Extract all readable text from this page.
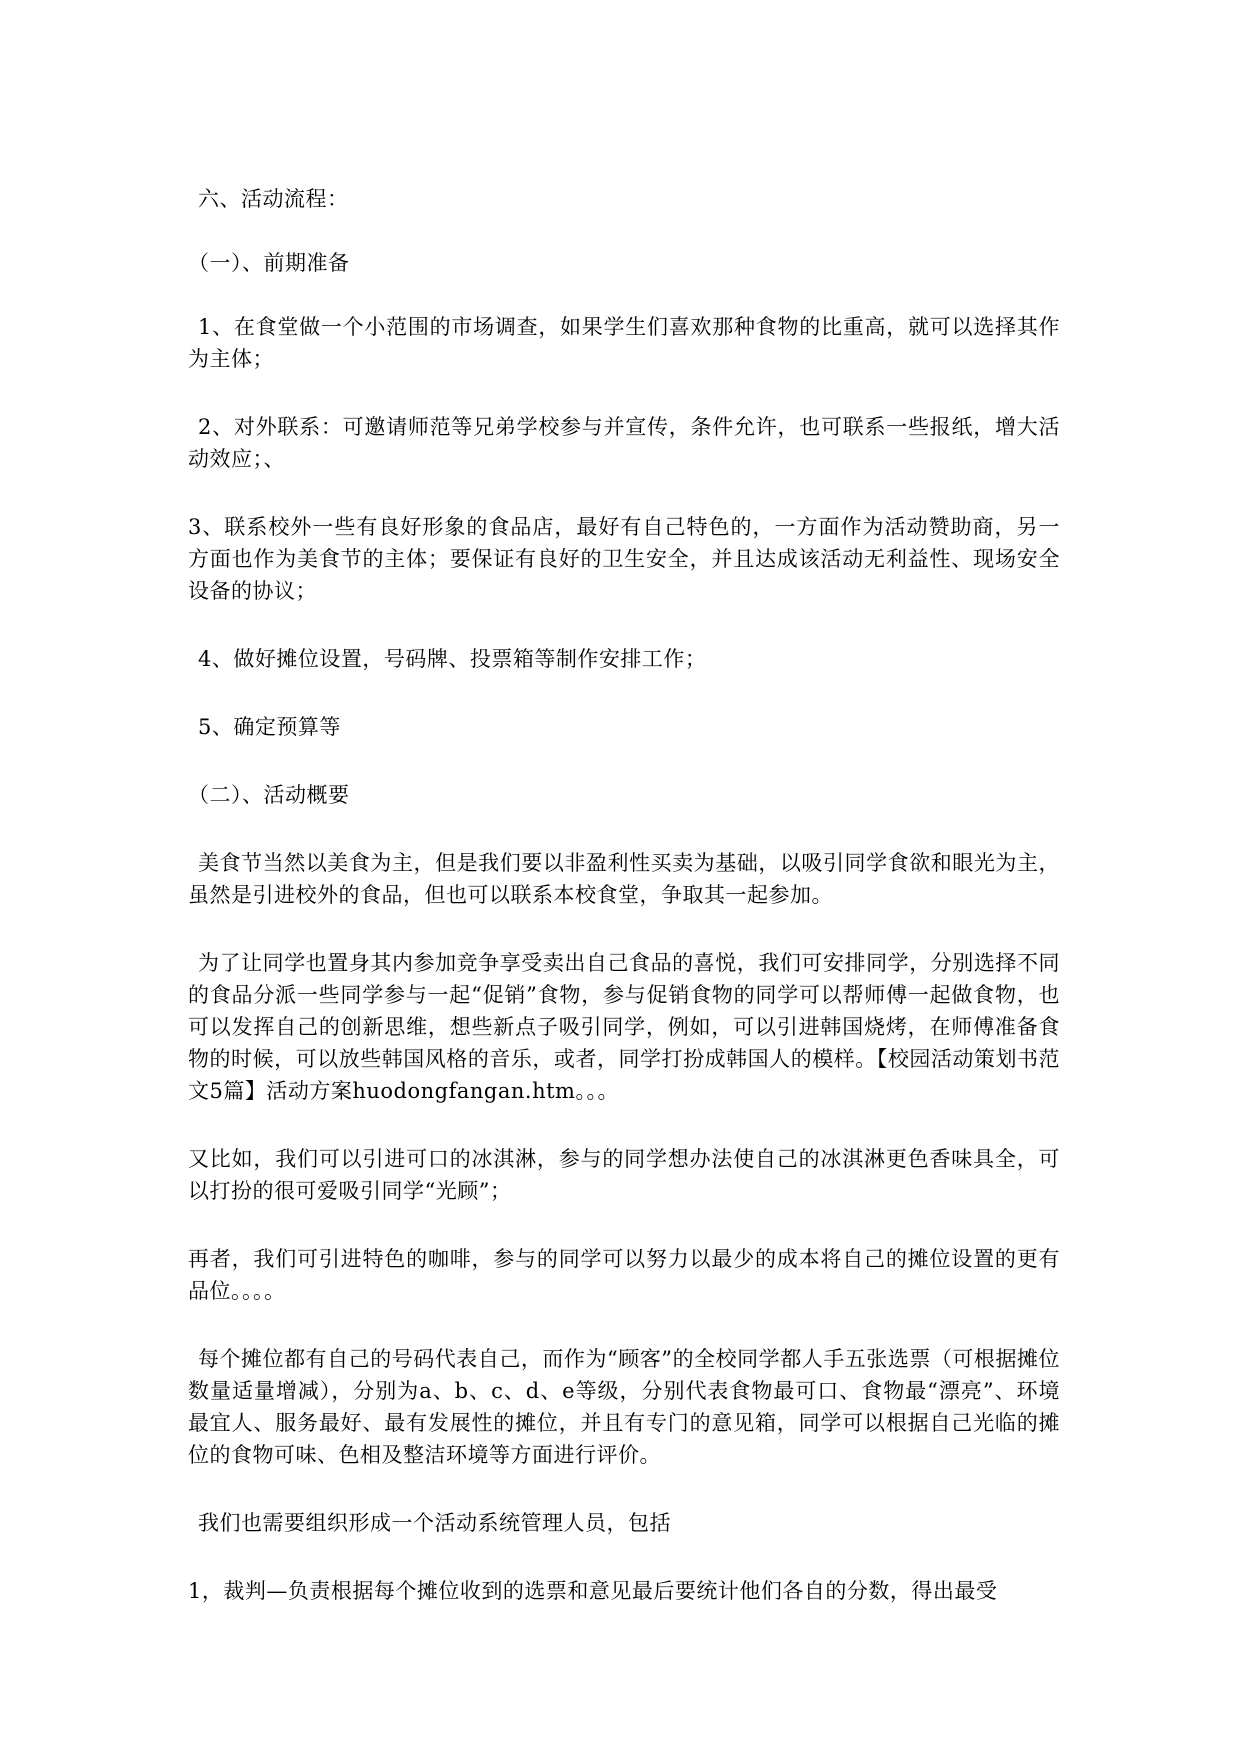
六、活动流程：

（一）、前期准备

1、在食堂做一个小范围的市场调查，如果学生们喜欢那种食物的比重高，就可以选择其作为主体；

2、对外联系：可邀请师范等兄弟学校参与并宣传，条件允许，也可联系一些报纸，增大活动效应；、

3、联系校外一些有良好形象的食品店，最好有自己特色的，一方面作为活动赞助商，另一方面也作为美食节的主体；要保证有良好的卫生安全，并且达成该活动无利益性、现场安全设备的协议；

4、做好摊位设置，号码牌、投票箱等制作安排工作；

5、确定预算等

（二）、活动概要

美食节当然以美食为主，但是我们要以非盈利性买卖为基础，以吸引同学食欲和眼光为主，虽然是引进校外的食品，但也可以联系本校食堂，争取其一起参加。

为了让同学也置身其内参加竞争享受卖出自己食品的喜悦，我们可安排同学，分别选择不同的食品分派一些同学参与一起“促销”食物，参与促销食物的同学可以帮师傅一起做食物，也可以发挥自己的创新思维，想些新点子吸引同学，例如，可以引进韩国烧烤，在师傅准备食物的时候，可以放些韩国风格的音乐，或者，同学打扮成韩国人的模样。【校园活动策划书范文5篇】活动方案huodongfangan.htm。。。

又比如，我们可以引进可口的冰淇淋，参与的同学想办法使自己的冰淇淋更色香味具全，可以打扮的很可爱吸引同学“光顾”；

再者，我们可引进特色的咖啡，参与的同学可以努力以最少的成本将自己的摊位设置的更有品位。。。。

每个摊位都有自己的号码代表自己，而作为“顾客”的全校同学都人手五张选票（可根据摊位数量适量增减），分别为a、b、c、d、e等级，分别代表食物最可口、食物最“漂亮”、环境最宜人、服务最好、最有发展性的摊位，并且有专门的意见箱，同学可以根据自己光临的摊位的食物可味、色相及整洁环境等方面进行评价。

我们也需要组织形成一个活动系统管理人员，包括

1，裁判—负责根据每个摊位收到的选票和意见最后要统计他们各自的分数，得出最受
